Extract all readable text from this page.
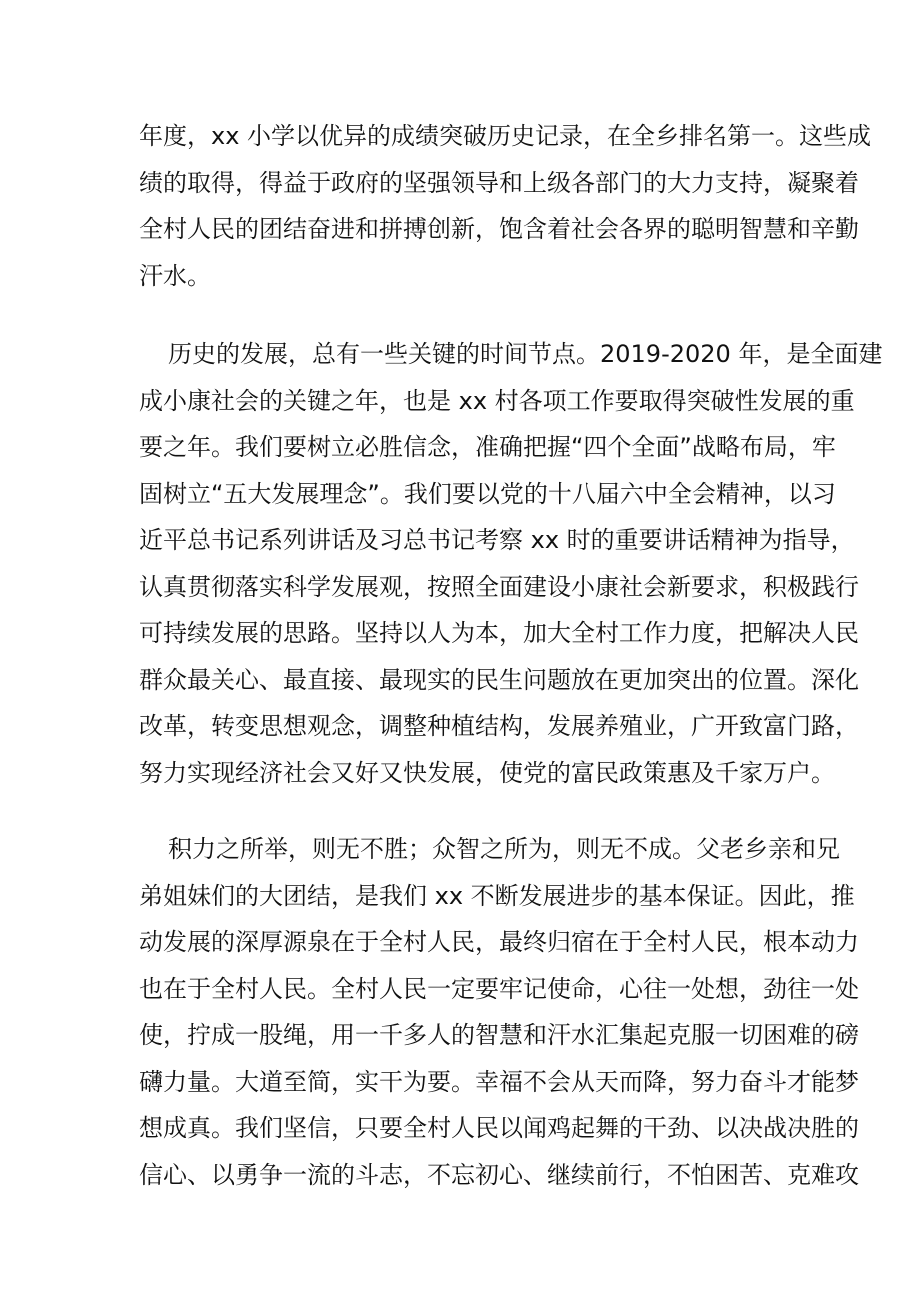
年度，xx 小学以优异的成绩突破历史记录，在全乡排名第一。这些成
绩的取得，得益于政府的坚强领导和上级各部门的大力支持，凝聚着
全村人民的团结奋进和拼搏创新，饱含着社会各界的聪明智慧和辛勤
汗水。
历史的发展，总有一些关键的时间节点。2019-2020 年，是全面建
成小康社会的关键之年，也是 xx 村各项工作要取得突破性发展的重
要之年。我们要树立必胜信念，准确把握“四个全面”战略布局，牢
固树立“五大发展理念”。我们要以党的十八届六中全会精神，以习
近平总书记系列讲话及习总书记考察 xx 时的重要讲话精神为指导，
认真贯彻落实科学发展观，按照全面建设小康社会新要求，积极践行
可持续发展的思路。坚持以人为本，加大全村工作力度，把解决人民
群众最关心、最直接、最现实的民生问题放在更加突出的位置。深化
改革，转变思想观念，调整种植结构，发展养殖业，广开致富门路，
努力实现经济社会又好又快发展，使党的富民政策惠及千家万户。
积力之所举，则无不胜；众智之所为，则无不成。父老乡亲和兄
弟姐妹们的大团结，是我们 xx 不断发展进步的基本保证。因此，推
动发展的深厚源泉在于全村人民，最终归宿在于全村人民，根本动力
也在于全村人民。全村人民一定要牢记使命，心往一处想，劲往一处
使，拧成一股绳，用一千多人的智慧和汗水汇集起克服一切困难的磅
礴力量。大道至简，实干为要。幸福不会从天而降，努力奋斗才能梦
想成真。我们坚信，只要全村人民以闻鸡起舞的干劲、以决战决胜的
信心、以勇争一流的斗志，不忘初心、继续前行，不怕困苦、克难攻
